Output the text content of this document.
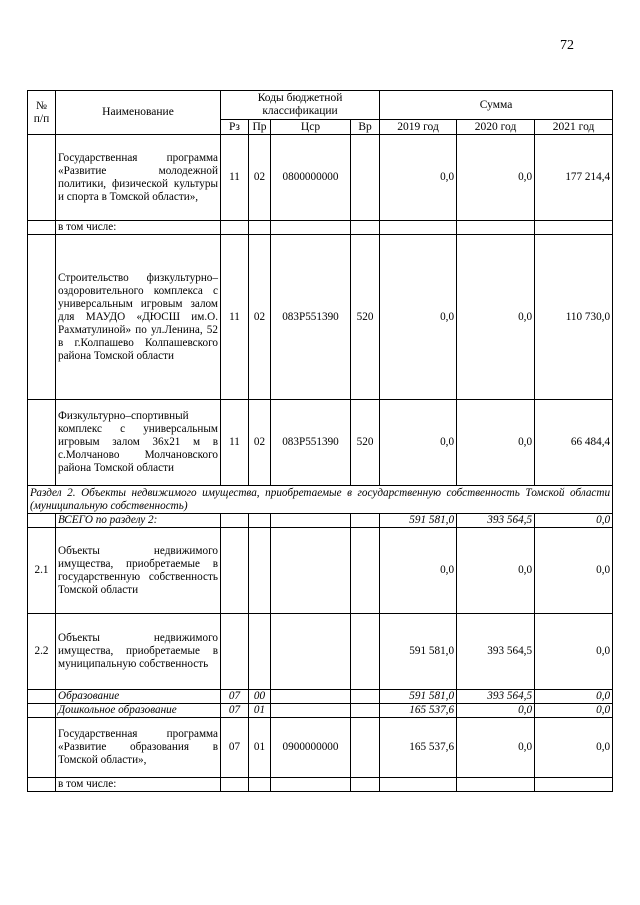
72
№
п/п	Наименование	Коды бюджетной классификации				Сумма		
		Рз	Пр	Цср	Вр	2019 год	2020 год	2021 год
	Государственная программа «Развитие молодежной политики, физической культуры и спорта в Томской области»,	11	02	0800000000		0,0	0,0	177 214,4
	в том числе:							
	Строительство физкультурно–оздоровительного комплекса с универсальным игровым залом для МАУДО «ДЮСШ им.О. Рахматулиной» по ул.Ленина, 52 в г.Колпашево Колпашевского района Томской области	11	02	083P551390	520	0,0	0,0	110 730,0
	Физкультурно–спортивный комплекс с универсальным игровым залом 36х21 м в с.Молчаново Молчановского района Томской области	11	02	083P551390	520	0,0	0,0	66 484,4
Раздел 2. Объекты недвижимого имущества, приобретаемые в государственную собственность Томской области (муниципальную собственность)								
	ВСЕГО по разделу 2:					591 581,0	393 564,5	0,0
2.1	Объекты недвижимого имущества, приобретаемые в государственную собственность Томской области					0,0	0,0	0,0
2.2	Объекты недвижимого имущества, приобретаемые в муниципальную собственность					591 581,0	393 564,5	0,0
	Образование	07	00			591 581,0	393 564,5	0,0
	Дошкольное образование	07	01			165 537,6	0,0	0,0
	Государственная программа «Развитие образования в Томской области»,	07	01	0900000000		165 537,6	0,0	0,0
	в том числе:							
